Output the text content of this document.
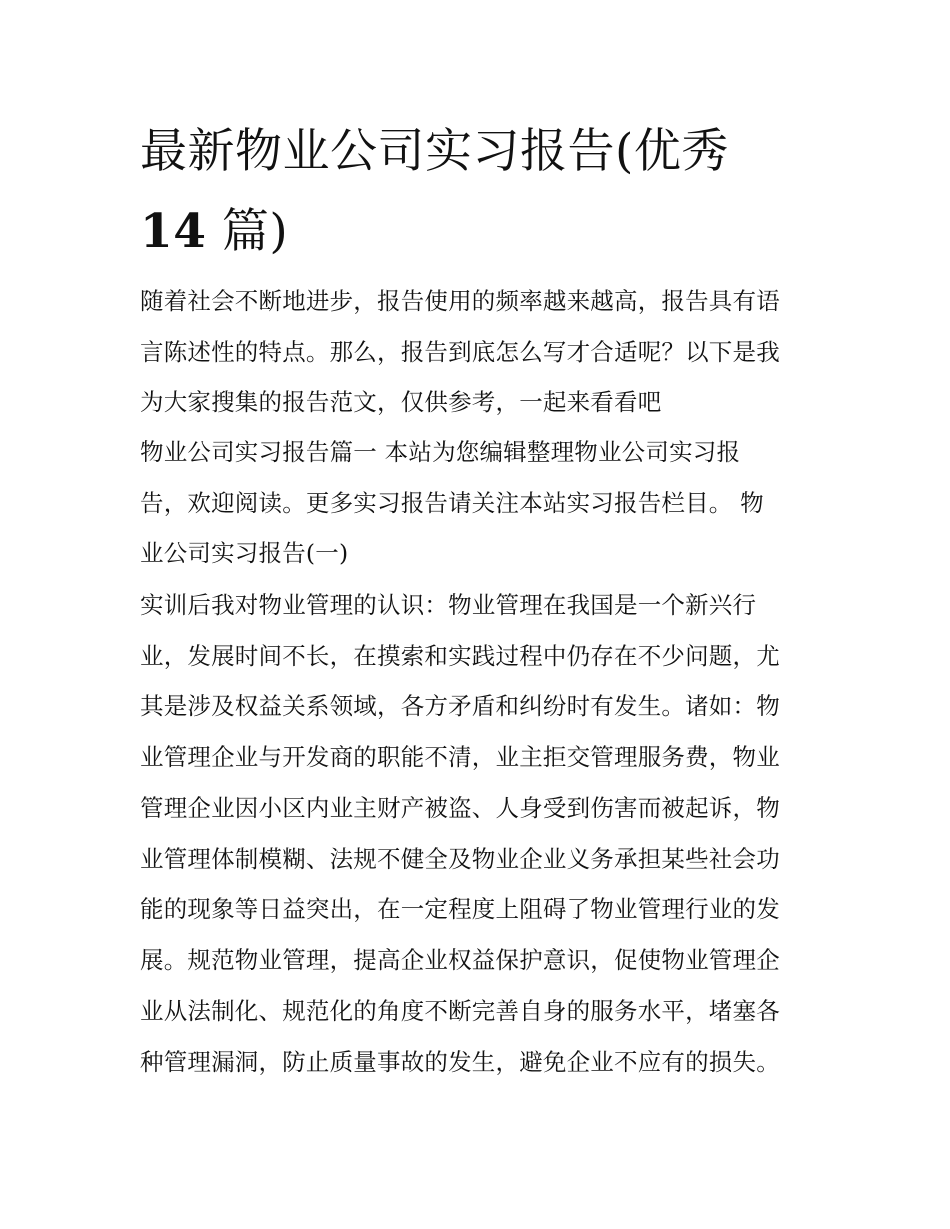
最新物业公司实习报告(优秀
14 篇)

随着社会不断地进步，报告使用的频率越来越高，报告具有语

言陈述性的特点。那么，报告到底怎么写才合适呢？以下是我

为大家搜集的报告范文，仅供参考，一起来看看吧

物业公司实习报告篇一 本站为您编辑整理物业公司实习报

告，欢迎阅读。更多实习报告请关注本站实习报告栏目。 物

业公司实习报告(一)

实训后我对物业管理的认识：物业管理在我国是一个新兴行

业，发展时间不长，在摸索和实践过程中仍存在不少问题，尤

其是涉及权益关系领域，各方矛盾和纠纷时有发生。诸如：物

业管理企业与开发商的职能不清，业主拒交管理服务费，物业

管理企业因小区内业主财产被盗、人身受到伤害而被起诉，物

业管理体制模糊、法规不健全及物业企业义务承担某些社会功

能的现象等日益突出，在一定程度上阻碍了物业管理行业的发

展。规范物业管理，提高企业权益保护意识，促使物业管理企

业从法制化、规范化的角度不断完善自身的服务水平，堵塞各

种管理漏洞，防止质量事故的发生，避免企业不应有的损失。
